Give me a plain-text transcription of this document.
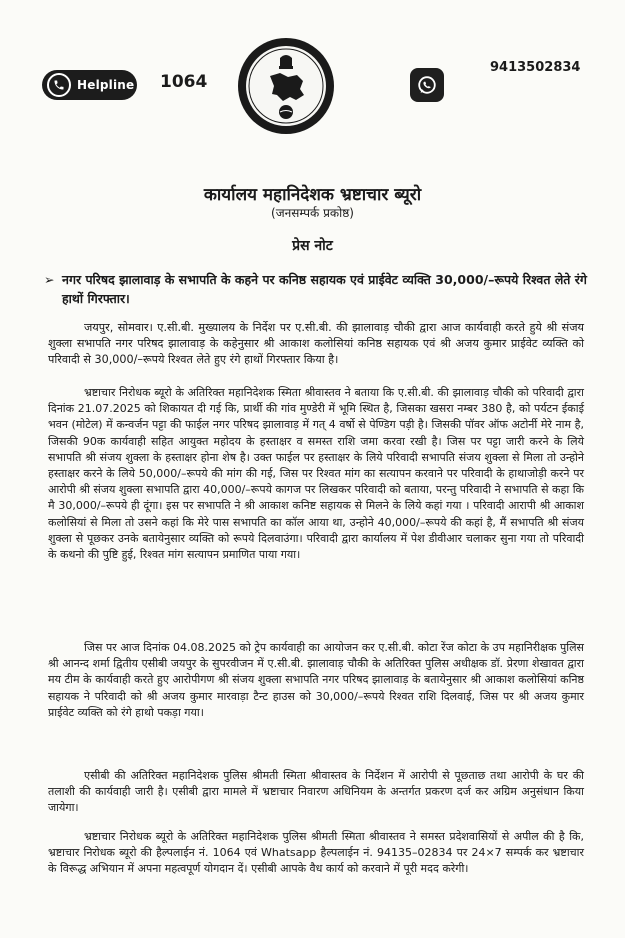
Helpline 1064
9413502834
कार्यालय महानिदेशक भ्रष्टाचार ब्यूरो
(जनसम्पर्क प्रकोष्ठ)
प्रेस नोट
➢ नगर परिषद झालावाड़ के सभापति के कहने पर कनिष्ठ सहायक एवं प्राईवेट व्यक्ति 30,000/–रूपये रिश्वत लेते रंगे हाथों गिरफ्तार।

जयपुर, सोमवार। ए.सी.बी. मुख्यालय के निर्देश पर ए.सी.बी. की झालावाड़ चौकी द्वारा आज कार्यवाही करते हुये श्री संजय शुक्ला सभापति नगर परिषद झालावाड़ के कहेनुसार श्री आकाश कलोसियां कनिष्ठ सहायक एवं श्री अजय कुमार प्राईवेट व्यक्ति को परिवादी से 30,000/–रूपये रिश्वत लेते हुए रंगे हाथों गिरफ्तार किया है।

भ्रष्टाचार निरोधक ब्यूरो के अतिरिक्त महानिदेशक स्मिता श्रीवास्तव ने बताया कि ए.सी.बी. की झालावाड़ चौकी को परिवादी द्वारा दिनांक 21.07.2025 को शिकायत दी गई कि, प्रार्थी की गांव मुण्डेरी में भूमि स्थित है, जिसका खसरा नम्बर 380 है, को पर्यटन ईकाई भवन (मोटेल) में कन्वर्जन पट्टा की फाईल नगर परिषद झालावाड़ में गत् 4 वर्षो से पेण्डिग पड़ी है। जिसकी पॉवर ऑफ अटोर्नी मेरे नाम है, जिसकी 90क कार्यवाही सहित आयुक्त महोदय के हस्ताक्षर व समस्त राशि जमा करवा रखी है। जिस पर पट्टा जारी करने के लिये सभापति श्री संजय शुक्ला के हस्ताक्षर होना शेष है। उक्त फाईल पर हस्ताक्षर के लिये परिवादी सभापति संजय शुक्ला से मिला तो उन्होने हस्ताक्षर करने के लिये 50,000/–रूपये की मांग की गई, जिस पर रिश्वत मांग का सत्यापन करवाने पर परिवादी के हाथाजोड़ी करने पर आरोपी श्री संजय शुक्ला सभापति द्वारा 40,000/–रूपये कागज पर लिखकर परिवादी को बताया, परन्तु परिवादी ने सभापति से कहा कि मै 30,000/–रूपये ही दूंगा। इस पर सभापति ने श्री आकाश कनिष्ट सहायक से मिलने के लिये कहां गया । परिवादी आरापी श्री आकाश कलोसियां से मिला तो उसने कहां कि मेरे पास सभापति का कॉल आया था, उन्होने 40,000/–रूपये की कहां है, मैं सभापति श्री संजय शुक्ला से पूछकर उनके बतायेनुसार व्यक्ति को रूपये दिलवाउंगा। परिवादी द्वारा कार्यालय में पेश डीवीआर चलाकर सुना गया तो परिवादी के कथनो की पुष्टि हुई, रिश्वत मांग सत्यापन प्रमाणित पाया गया।

जिस पर आज दिनांक 04.08.2025 को ट्रेप कार्यवाही का आयोजन कर ए.सी.बी. कोटा रेंज कोटा के उप महानिरीक्षक पुलिस श्री आनन्द शर्मा द्वितीय एसीबी जयपुर के सुपरवीजन में ए.सी.बी. झालावाड़ चौकी के अतिरिक्त पुलिस अधीक्षक डॉ. प्रेरणा शेखावत द्वारा मय टीम के कार्यवाही करते हुए आरोपीगण श्री संजय शुक्ला सभापति नगर परिषद झालावाड़ के बतायेनुसार श्री आकाश कलोसियां कनिष्ठ सहायक ने परिवादी को श्री अजय कुमार मारवाड़ा टैन्ट हाउस को 30,000/–रूपये रिश्वत राशि दिलवाई, जिस पर श्री अजय कुमार प्राईवेट व्यक्ति को रंगे हाथो पकड़ा गया।

एसीबी की अतिरिक्त महानिदेशक पुलिस श्रीमती स्मिता श्रीवास्तव के निर्देशन में आरोपी से पूछताछ तथा आरोपी के घर की तलाशी की कार्यवाही जारी है। एसीबी द्वारा मामले में भ्रष्टाचार निवारण अधिनियम के अन्तर्गत प्रकरण दर्ज कर अग्रिम अनुसंधान किया जायेगा।

भ्रष्टाचार निरोधक ब्यूरो के अतिरिक्त महानिदेशक पुलिस श्रीमती स्मिता श्रीवास्तव ने समस्त प्रदेशवासियों से अपील की है कि, भ्रष्टाचार निरोधक ब्यूरो की हैल्पलाईन नं. 1064 एवं Whatsapp हैल्पलाईन नं. 94135–02834 पर 24×7 सम्पर्क कर भ्रष्टाचार के विरूद्ध अभियान में अपना महत्वपूर्ण योगदान दें। एसीबी आपके वैध कार्य को करवाने में पूरी मदद करेगी।
